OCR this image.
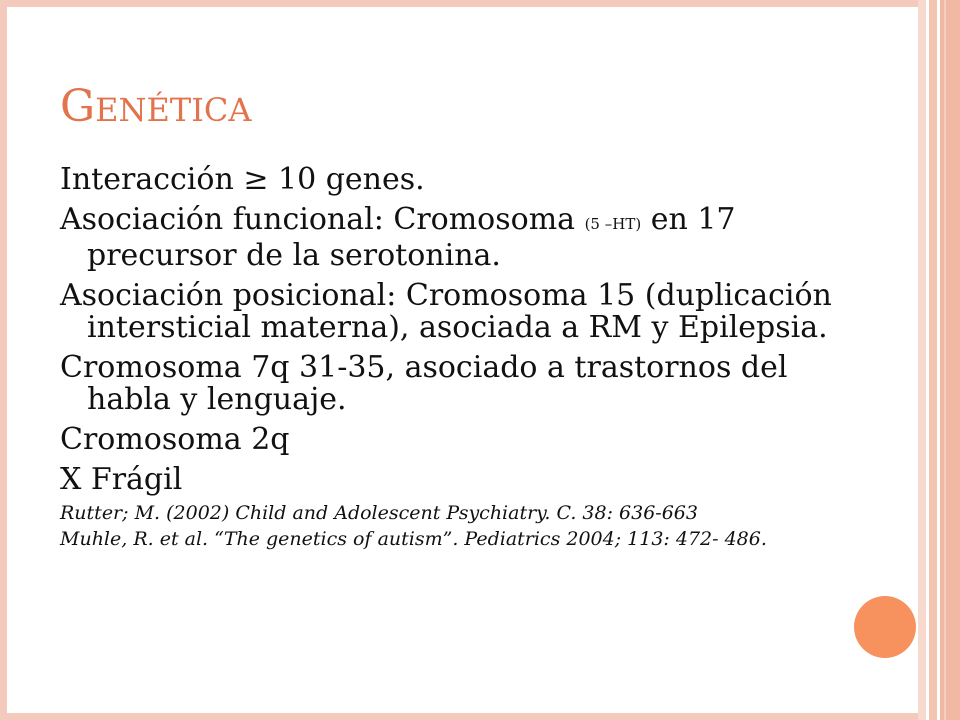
GENÉTICA

Interacción ≥ 10 genes.

Asociación funcional: Cromosoma (5 –HT) en 17 precursor de la serotonina.

Asociación posicional: Cromosoma 15 (duplicación intersticial materna), asociada a RM y Epilepsia.

Cromosoma 7q 31-35, asociado a trastornos del habla y lenguaje.

Cromosoma 2q

X Frágil

Rutter; M. (2002) Child and Adolescent Psychiatry. C. 38: 636-663

Muhle, R. et al. “The genetics of autism”. Pediatrics 2004; 113: 472- 486.
